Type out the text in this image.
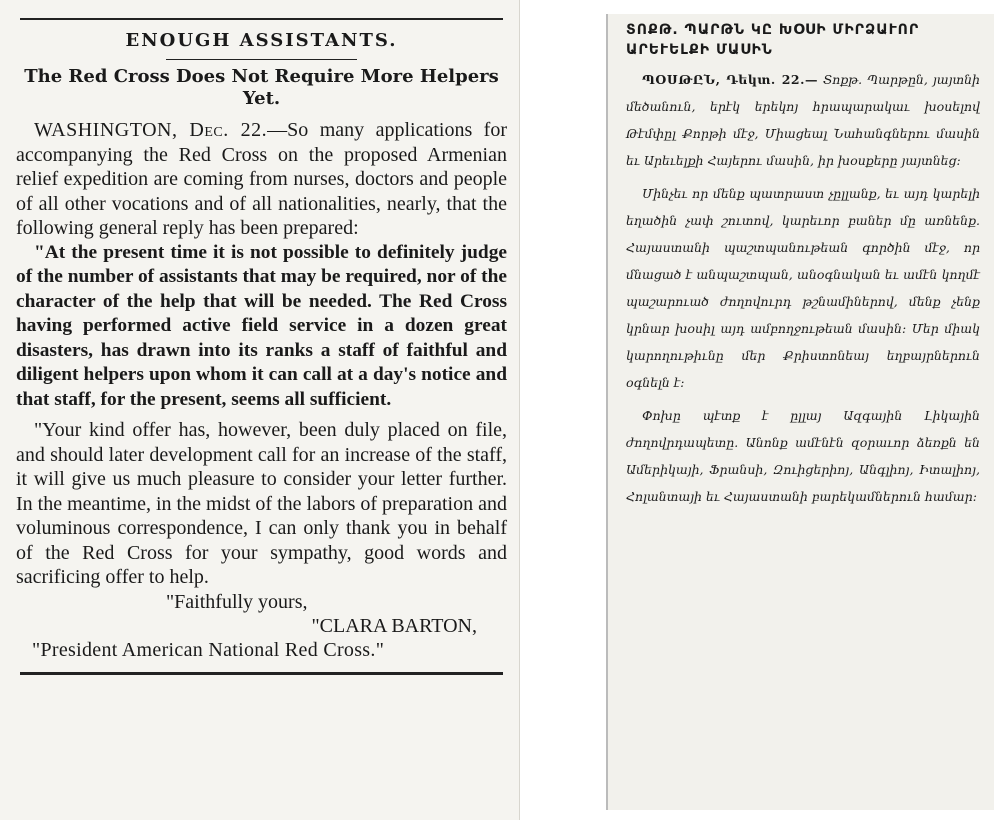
ENOUGH ASSISTANTS.
The Red Cross Does Not Require More Helpers Yet.

WASHINGTON, Dec. 22.—So many applications for accompanying the Red Cross on the proposed Armenian relief expedition are coming from nurses, doctors and people of all other vocations and of all nationalities, nearly, that the following general reply has been prepared:

"At the present time it is not possible to definitely judge of the number of assistants that may be required, nor of the character of the help that will be needed. The Red Cross having performed active field service in a dozen great disasters, has drawn into its ranks a staff of faithful and diligent helpers upon whom it can call at a day's notice and that staff, for the present, seems all sufficient.

"Your kind offer has, however, been duly placed on file, and should later development call for an increase of the staff, it will give us much pleasure to consider your letter further. In the meantime, in the midst of the labors of preparation and voluminous correspondence, I can only thank you in behalf of the Red Cross for your sympathy, good words and sacrificing offer to help.

"Faithfully yours,
"CLARA BARTON,
"President American National Red Cross."
ՏՈՔԹ. ՊԱՐԹՆ ԿԸ ԽՕՍԻ ՄԻՐՁԱՒՈՐ ԱՐԵՒԵԼՔԻ ՄԱՍԻՆ

ՊՕՍԹԸՆ, Դեկտ. 22.— Տոքթ. Պարթըն, յայտնի մեծանուն, երէկ երեկոյ հրապարակաւ խօսելով Թէմփըլ Քորթի մէջ, Միացեալ Նահանգներու մասին եւ Արեւելքի Հայերու մասին, իր խօսքերը յայտնեց:

Մինչեւ որ մենք պատրաստ չըլլանք, եւ այդ կարելի եղածին չափ շուտով, կարեւոր բաներ մը առնենք. Հայաստանի պաշտպանութեան գործին մէջ, որ մնացած է անպաշտպան, անօգնական եւ ամէն կողմէ պաշարուած ժողովուրդ թշնամիներով, մենք չենք կրնար խօսիլ այդ ամբողջութեան մասին: Մեր միակ կարողութիւնը մեր Քրիստոնեայ եղբայրներուն օգնելն է:

Փոխը պէտք է ըլլայ Ազգային Լիկային ժողովրդապետը. Անոնք ամէնէն զօրաւոր ձեռքն են Ամերիկայի, Ֆրանսի, Զուիցերիոյ, Անգլիոյ, Իտալիոյ, Հոլանտայի եւ Հայաստանի բարեկամներուն համար:
